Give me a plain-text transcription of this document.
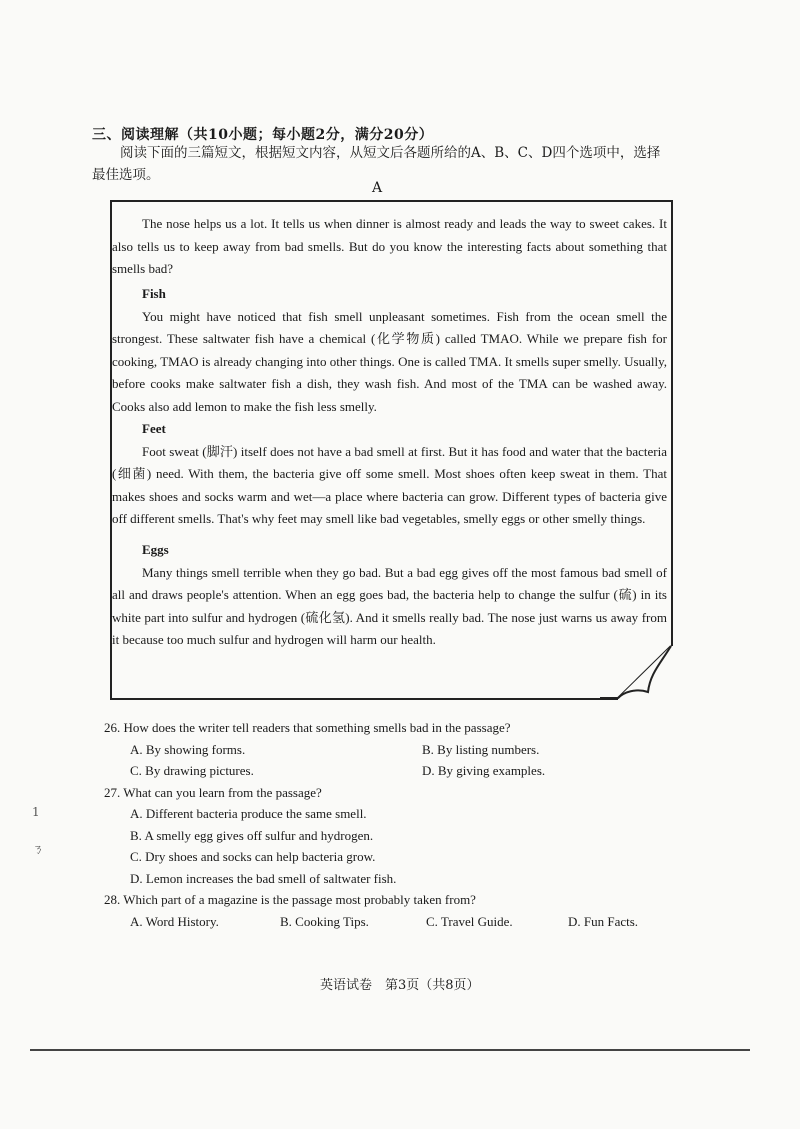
三、阅读理解（共10小题；每小题2分，满分20分）
阅读下面的三篇短文，根据短文内容，从短文后各题所给的A、B、C、D四个选项中，选择最佳选项。
A

The nose helps us a lot. It tells us when dinner is almost ready and leads the way to sweet cakes. It also tells us to keep away from bad smells. But do you know the interesting facts about something that smells bad?

Fish

You might have noticed that fish smell unpleasant sometimes. Fish from the ocean smell the strongest. These saltwater fish have a chemical (化学物质) called TMAO. While we prepare fish for cooking, TMAO is already changing into other things. One is called TMA. It smells super smelly. Usually, before cooks make saltwater fish a dish, they wash fish. And most of the TMA can be washed away. Cooks also add lemon to make the fish less smelly.

Feet

Foot sweat (脚汗) itself does not have a bad smell at first. But it has food and water that the bacteria (细菌) need. With them, the bacteria give off some smell. Most shoes often keep sweat in them. That makes shoes and socks warm and wet—a place where bacteria can grow. Different types of bacteria give off different smells. That's why feet may smell like bad vegetables, smelly eggs or other smelly things.

Eggs

Many things smell terrible when they go bad. But a bad egg gives off the most famous bad smell of all and draws people's attention. When an egg goes bad, the bacteria help to change the sulfur (硫) in its white part into sulfur and hydrogen (硫化氢). And it smells really bad. The nose just warns us away from it because too much sulfur and hydrogen will harm our health.

26. How does the writer tell readers that something smells bad in the passage?

A. By showing forms.	B. By listing numbers.
C. By drawing pictures.	D. By giving examples.

27. What can you learn from the passage?

A. Different bacteria produce the same smell.
B. A smelly egg gives off sulfur and hydrogen.
C. Dry shoes and socks can help bacteria grow.
D. Lemon increases the bad smell of saltwater fish.

28. Which part of a magazine is the passage most probably taken from?

A. Word History.	B. Cooking Tips.	C. Travel Guide.	D. Fun Facts.
1
ㄋ
英语试卷　第3页（共8页）
